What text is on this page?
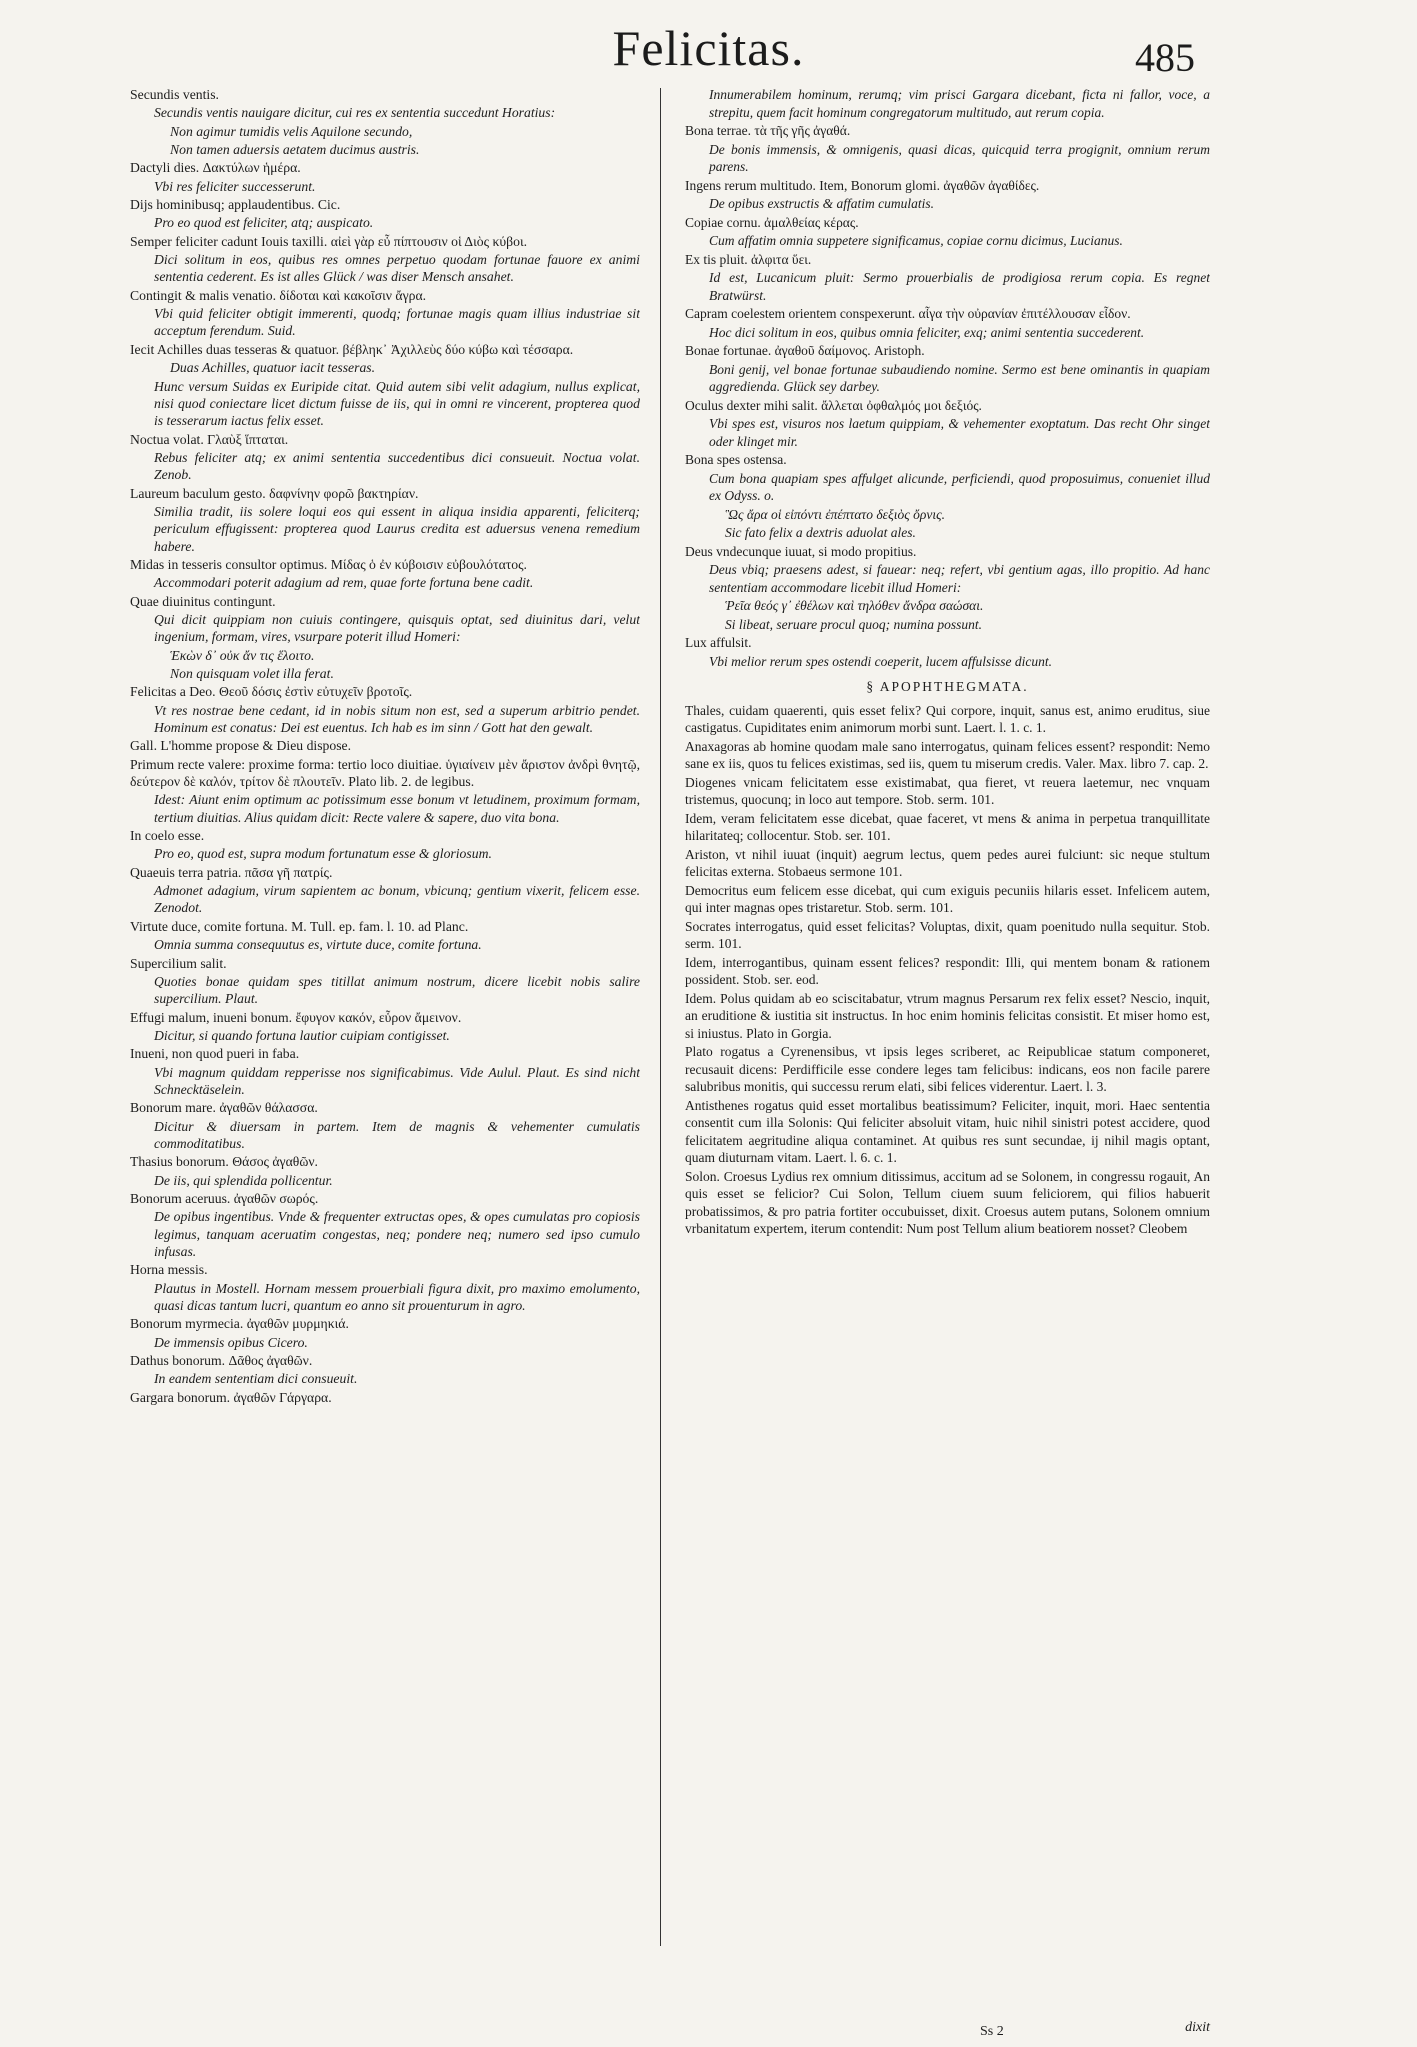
Felicitas.	485

Secundis ventis.

Secundis ventis nauigare dicitur, cui res ex sententia succedunt Horatius:

Non agimur tumidis velis Aquilone secundo,

Non tamen aduersis aetatem ducimus austris.

Dactyli dies. Δακτύλων ἡμέρα.

Vbi res feliciter successerunt.

Dijs hominibusq; applaudentibus. Cic.

Pro eo quod est feliciter, atq; auspicato.

Semper feliciter cadunt Iouis taxilli. αἰεὶ γὰρ εὖ πίπτουσιν οἱ Διὸς κύβοι.

Dici solitum in eos, quibus res omnes perpetuo quodam fortunae fauore ex animi sententia cederent. Es ist alles Glück / was diser Mensch ansahet.

Contingit & malis venatio. δίδοται καὶ κακοῖσιν ἄγρα.

Vbi quid feliciter obtigit immerenti, quodq; fortunae magis quam illius industriae sit acceptum ferendum. Suid.

Iecit Achilles duas tesseras & quatuor. βέβληκ᾽ Ἀχιλλεὺς δύο κύβω καὶ τέσσαρα.

Duas Achilles, quatuor iacit tesseras.

Hunc versum Suidas ex Euripide citat. Quid autem sibi velit adagium, nullus explicat, nisi quod coniectare licet dictum fuisse de iis, qui in omni re vincerent, propterea quod is tesserarum iactus felix esset.

Noctua volat. Γλαὺξ ἵπταται.

Rebus feliciter atq; ex animi sententia succedentibus dici consueuit. Noctua volat. Zenob.

Laureum baculum gesto. δαφνίνην φορῶ βακτηρίαν.

Similia tradit, iis solere loqui eos qui essent in aliqua insidia apparenti, feliciterq; periculum effugissent: propterea quod Laurus credita est aduersus venena remedium habere.

Midas in tesseris consultor optimus. Μίδας ὁ ἐν κύβοισιν εὐβουλότατος.

Accommodari poterit adagium ad rem, quae forte fortuna bene cadit.

Quae diuinitus contingunt.

Qui dicit quippiam non cuiuis contingere, quisquis optat, sed diuinitus dari, velut ingenium, formam, vires, vsurpare poterit illud Homeri:

Ἑκὼν δ᾽ οὐκ ἄν τις ἕλοιτο.

Non quisquam volet illa ferat.

Felicitas a Deo. Θεοῦ δόσις ἐστὶν εὐτυχεῖν βροτοῖς.

Vt res nostrae bene cedant, id in nobis situm non est, sed a superum arbitrio pendet. Hominum est conatus: Dei est euentus. Ich hab es im sinn / Gott hat den gewalt.

Gall. L'homme propose & Dieu dispose.

Primum recte valere: proxime forma: tertio loco diuitiae. ὑγιαίνειν μὲν ἄριστον ἀνδρὶ θνητῷ, δεύτερον δὲ καλόν, τρίτον δὲ πλουτεῖν. Plato lib. 2. de legibus.

Idest: Aiunt enim optimum ac potissimum esse bonum vt letudinem, proximum formam, tertium diuitias. Alius quidam dicit: Recte valere & sapere, duo vita bona.

In coelo esse.

Pro eo, quod est, supra modum fortunatum esse & gloriosum.

Quaeuis terra patria. πᾶσα γῆ πατρίς.

Admonet adagium, virum sapientem ac bonum, vbicunq; gentium vixerit, felicem esse. Zenodot.

Virtute duce, comite fortuna. M. Tull. ep. fam. l. 10. ad Planc.

Omnia summa consequutus es, virtute duce, comite fortuna.

Supercilium salit.

Quoties bonae quidam spes titillat animum nostrum, dicere licebit nobis salire supercilium. Plaut.

Effugi malum, inueni bonum. ἔφυγον κακόν, εὗρον ἄμεινον.

Dicitur, si quando fortuna lautior cuipiam contigisset.

Inueni, non quod pueri in faba.

Vbi magnum quiddam repperisse nos significabimus. Vide Aulul. Plaut. Es sind nicht Schnecktäselein.

Bonorum mare. ἀγαθῶν θάλασσα.

Dicitur & diuersam in partem. Item de magnis & vehementer cumulatis commoditatibus.

Thasius bonorum. Θάσος ἀγαθῶν.

De iis, qui splendida pollicentur.

Bonorum aceruus. ἀγαθῶν σωρός.

De opibus ingentibus. Vnde & frequenter extructas opes, & opes cumulatas pro copiosis legimus, tanquam aceruatim congestas, neq; pondere neq; numero sed ipso cumulo infusas.

Horna messis.

Plautus in Mostell. Hornam messem prouerbiali figura dixit, pro maximo emolumento, quasi dicas tantum lucri, quantum eo anno sit prouenturum in agro.

Bonorum myrmecia. ἀγαθῶν μυρμηκιά.

De immensis opibus Cicero.

Dathus bonorum. Δᾶθος ἀγαθῶν.

In eandem sententiam dici consueuit.

Gargara bonorum. ἀγαθῶν Γάργαρα.

Innumerabilem hominum, rerumq; vim prisci Gargara dicebant, ficta ni fallor, voce, a strepitu, quem facit hominum congregatorum multitudo, aut rerum copia.

Bona terrae. τὰ τῆς γῆς ἀγαθά.

De bonis immensis, & omnigenis, quasi dicas, quicquid terra progignit, omnium rerum parens.

Ingens rerum multitudo. Item, Bonorum glomi. ἀγαθῶν ἀγαθίδες.

De opibus exstructis & affatim cumulatis.

Copiae cornu. ἀμαλθείας κέρας.

Cum affatim omnia suppetere significamus, copiae cornu dicimus, Lucianus.

Ex tis pluit. ἀλφιτα ὕει.

Id est, Lucanicum pluit: Sermo prouerbialis de prodigiosa rerum copia. Es regnet Bratwürst.

Capram coelestem orientem conspexerunt. αἶγα τὴν οὐρανίαν ἐπιτέλλουσαν εἶδον.

Hoc dici solitum in eos, quibus omnia feliciter, exq; animi sententia succederent.

Bonae fortunae. ἀγαθοῦ δαίμονος. Aristoph.

Boni genij, vel bonae fortunae subaudiendo nomine. Sermo est bene ominantis in quapiam aggredienda. Glück sey darbey.

Oculus dexter mihi salit. ἄλλεται ὀφθαλμός μοι δεξιός.

Vbi spes est, visuros nos laetum quippiam, & vehementer exoptatum. Das recht Ohr singet oder klinget mir.

Bona spes ostensa.

Cum bona quapiam spes affulget alicunde, perficiendi, quod proposuimus, conueniet illud ex Odyss. o.

Ὣς ἄρα οἱ εἰπόντι ἐπέπτατο δεξιὸς ὄρνις.

Sic fato felix a dextris aduolat ales.

Deus vndecunque iuuat, si modo propitius.

Deus vbiq; praesens adest, si fauear: neq; refert, vbi gentium agas, illo propitio. Ad hanc sententiam accommodare licebit illud Homeri:

Ῥεῖα θεός γ᾽ ἐθέλων καὶ τηλόθεν ἄνδρα σαώσαι.

Si libeat, seruare procul quoq; numina possunt.

Lux affulsit.

Vbi melior rerum spes ostendi coeperit, lucem affulsisse dicunt.

§ ΑΡΟΡΗΤΗΕGΜΑΤΑ.

Thales, cuidam quaerenti, quis esset felix? Qui corpore, inquit, sanus est, animo eruditus, siue castigatus. Cupiditates enim animorum morbi sunt. Laert. l. 1. c. 1.

Anaxagoras ab homine quodam male sano interrogatus, quinam felices essent? respondit: Nemo sane ex iis, quos tu felices existimas, sed iis, quem tu miserum credis. Valer. Max. libro 7. cap. 2.

Diogenes vnicam felicitatem esse existimabat, qua fieret, vt reuera laetemur, nec vnquam tristemus, quocunq; in loco aut tempore. Stob. serm. 101.

Idem, veram felicitatem esse dicebat, quae faceret, vt mens & anima in perpetua tranquillitate hilaritateq; collocentur. Stob. ser. 101.

Ariston, vt nihil iuuat (inquit) aegrum lectus, quem pedes aurei fulciunt: sic neque stultum felicitas externa. Stobaeus sermone 101.

Democritus eum felicem esse dicebat, qui cum exiguis pecuniis hilaris esset. Infelicem autem, qui inter magnas opes tristaretur. Stob. serm. 101.

Socrates interrogatus, quid esset felicitas? Voluptas, dixit, quam poenitudo nulla sequitur. Stob. serm. 101.

Idem, interrogantibus, quinam essent felices? respondit: Illi, qui mentem bonam & rationem possident. Stob. ser. eod.

Idem. Polus quidam ab eo sciscitabatur, vtrum magnus Persarum rex felix esset? Nescio, inquit, an eruditione & iustitia sit instructus. In hoc enim hominis felicitas consistit. Et miser homo est, si iniustus. Plato in Gorgia.

Plato rogatus a Cyrenensibus, vt ipsis leges scriberet, ac Reipublicae statum componeret, recusauit dicens: Perdifficile esse condere leges tam felicibus: indicans, eos non facile parere salubribus monitis, qui successu rerum elati, sibi felices viderentur. Laert. l. 3.

Antisthenes rogatus quid esset mortalibus beatissimum? Feliciter, inquit, mori. Haec sententia consentit cum illa Solonis: Qui feliciter absoluit vitam, huic nihil sinistri potest accidere, quod felicitatem aegritudine aliqua contaminet. At quibus res sunt secundae, ij nihil magis optant, quam diuturnam vitam. Laert. l. 6. c. 1.

Solon. Croesus Lydius rex omnium ditissimus, accitum ad se Solonem, in congressu rogauit, An quis esset se felicior? Cui Solon, Tellum ciuem suum feliciorem, qui filios habuerit probatissimos, & pro patria fortiter occubuisset, dixit. Croesus autem putans, Solonem omnium vrbanitatum expertem, iterum contendit: Num post Tellum alium beatiorem nosset? Cleobem

Ss 2	dixit
